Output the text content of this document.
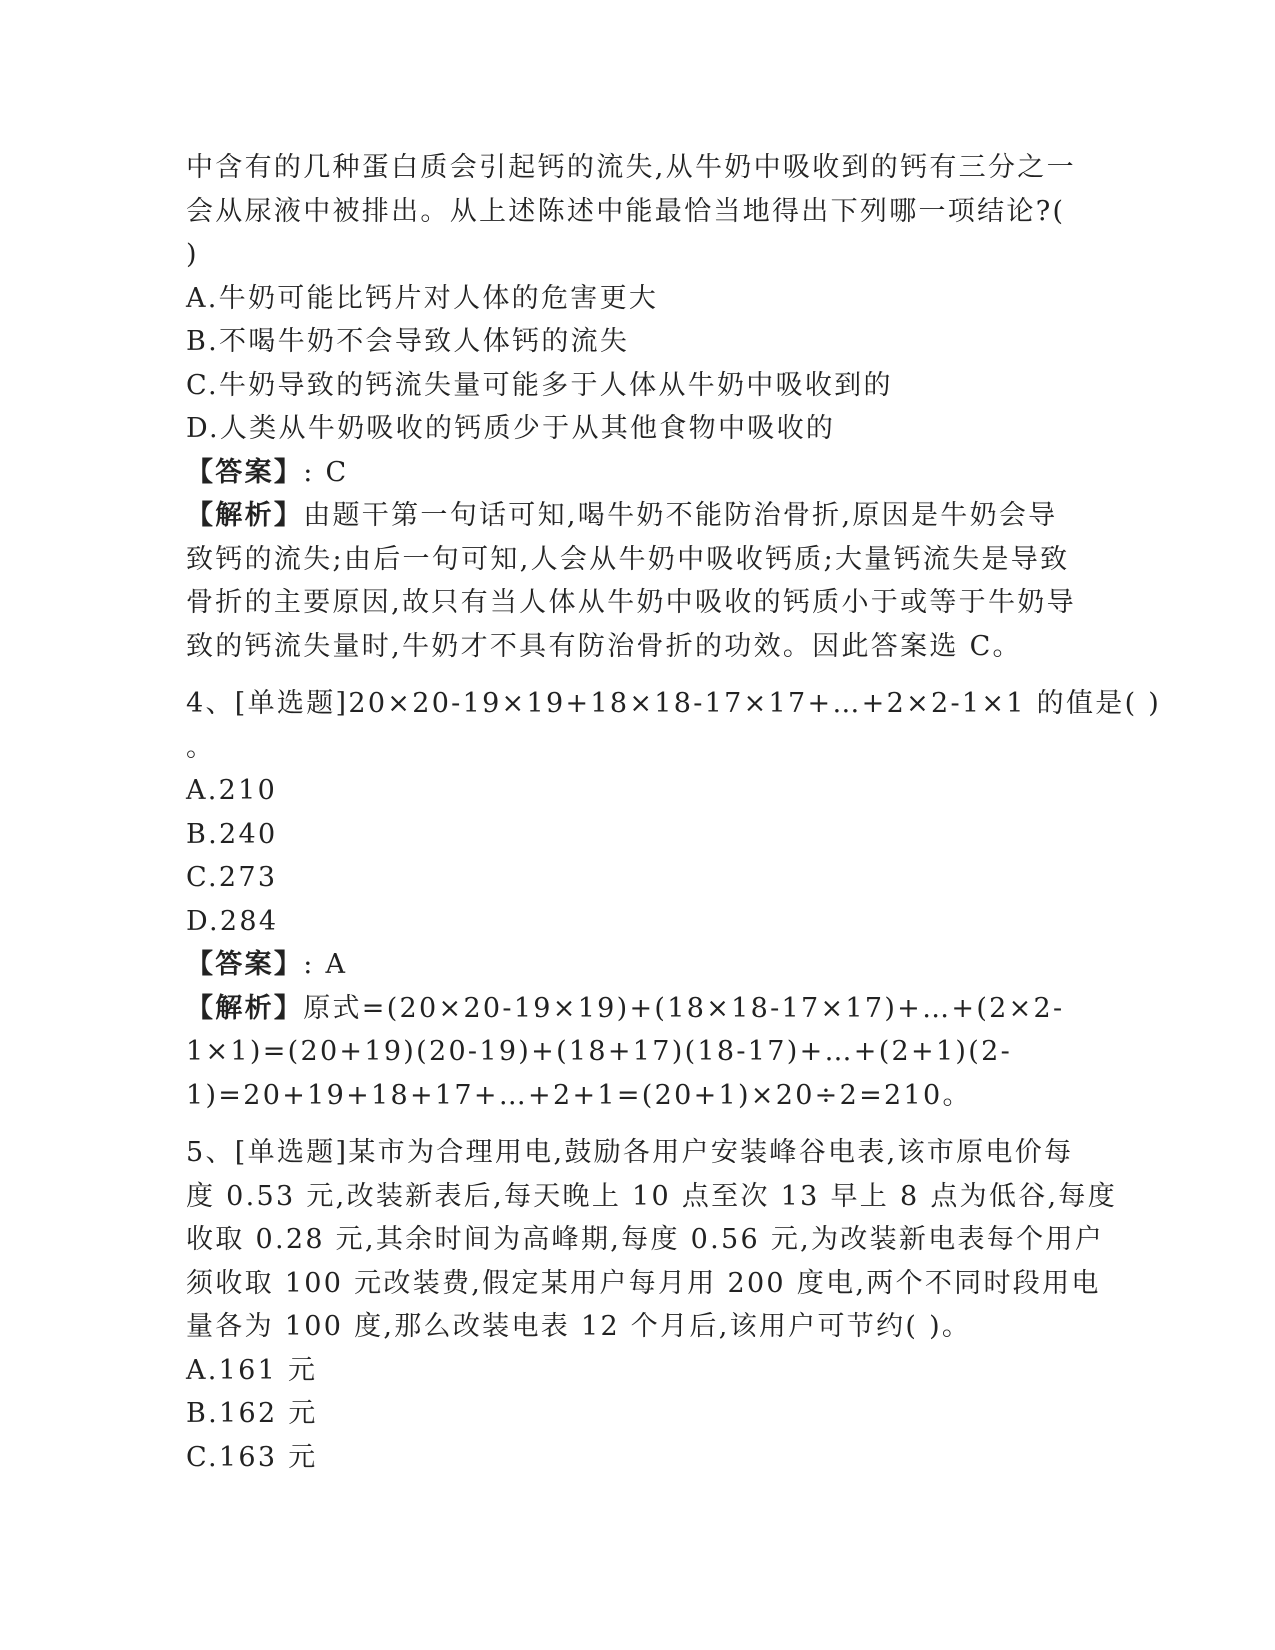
中含有的几种蛋白质会引起钙的流失,从牛奶中吸收到的钙有三分之一

会从尿液中被排出。从上述陈述中能最恰当地得出下列哪一项结论?(

)

A.牛奶可能比钙片对人体的危害更大

B.不喝牛奶不会导致人体钙的流失

C.牛奶导致的钙流失量可能多于人体从牛奶中吸收到的

D.人类从牛奶吸收的钙质少于从其他食物中吸收的

【答案】: C

【解析】由题干第一句话可知,喝牛奶不能防治骨折,原因是牛奶会导

致钙的流失;由后一句可知,人会从牛奶中吸收钙质;大量钙流失是导致

骨折的主要原因,故只有当人体从牛奶中吸收的钙质小于或等于牛奶导

致的钙流失量时,牛奶才不具有防治骨折的功效。因此答案选 C。

4、[单选题]20×20-19×19+18×18-17×17+…+2×2-1×1 的值是( )

。

A.210

B.240

C.273

D.284

【答案】: A

【解析】原式=(20×20-19×19)+(18×18-17×17)+…+(2×2-

1×1)=(20+19)(20-19)+(18+17)(18-17)+…+(2+1)(2-

1)=20+19+18+17+…+2+1=(20+1)×20÷2=210。

5、[单选题]某市为合理用电,鼓励各用户安装峰谷电表,该市原电价每

度 0.53 元,改装新表后,每天晚上 10 点至次 13 早上 8 点为低谷,每度

收取 0.28 元,其余时间为高峰期,每度 0.56 元,为改装新电表每个用户

须收取 100 元改装费,假定某用户每月用 200 度电,两个不同时段用电

量各为 100 度,那么改装电表 12 个月后,该用户可节约( )。

A.161 元

B.162 元

C.163 元
